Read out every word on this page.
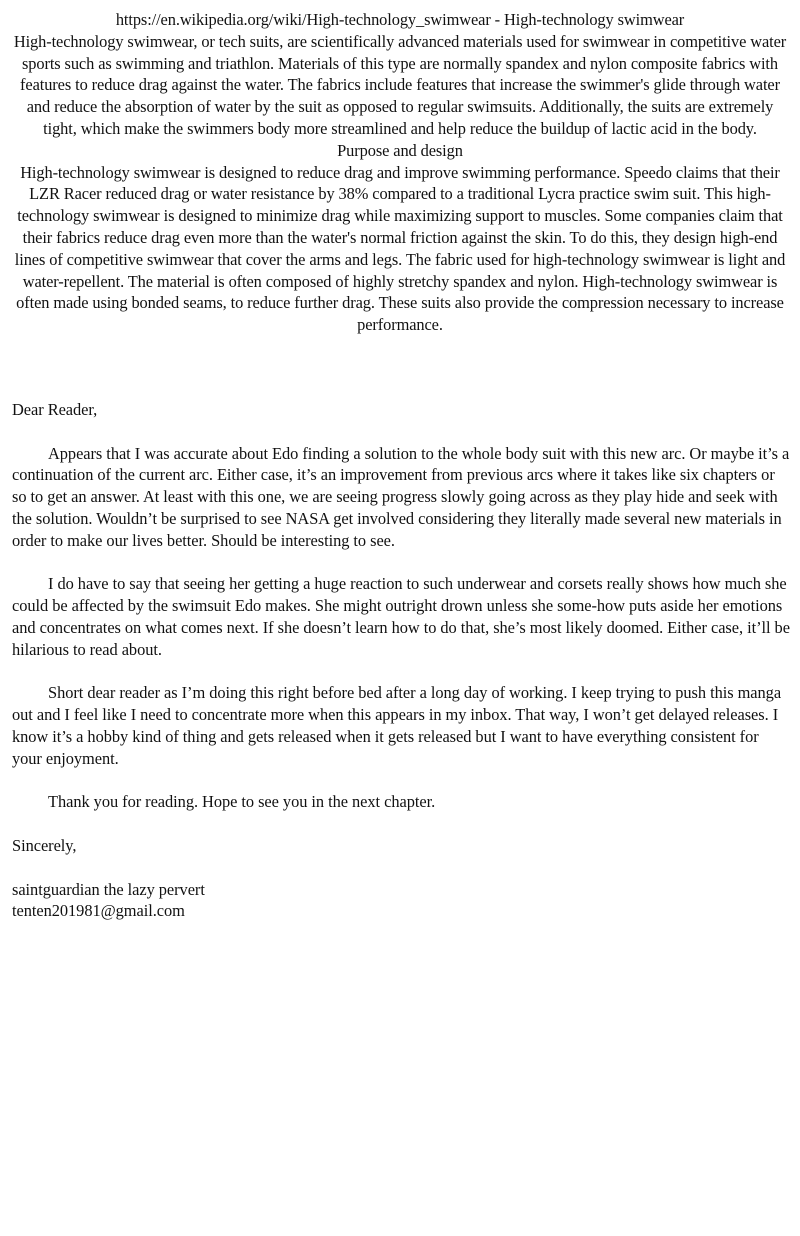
https://en.wikipedia.org/wiki/High-technology_swimwear - High-technology swimwear

High-technology swimwear, or tech suits, are scientifically advanced materials used for swimwear in competitive water sports such as swimming and triathlon. Materials of this type are normally spandex and nylon composite fabrics with features to reduce drag against the water. The fabrics include features that increase the swimmer's glide through water and reduce the absorption of water by the suit as opposed to regular swimsuits. Additionally, the suits are extremely tight, which make the swimmers body more streamlined and help reduce the buildup of lactic acid in the body.

Purpose and design

High-technology swimwear is designed to reduce drag and improve swimming performance. Speedo claims that their LZR Racer reduced drag or water resistance by 38% compared to a traditional Lycra practice swim suit. This high-technology swimwear is designed to minimize drag while maximizing support to muscles. Some companies claim that their fabrics reduce drag even more than the water's normal friction against the skin. To do this, they design high-end lines of competitive swimwear that cover the arms and legs. The fabric used for high-technology swimwear is light and water-repellent. The material is often composed of highly stretchy spandex and nylon. High-technology swimwear is often made using bonded seams, to reduce further drag. These suits also provide the compression necessary to increase performance.

Dear Reader,

Appears that I was accurate about Edo finding a solution to the whole body suit with this new arc. Or maybe it’s a continuation of the current arc. Either case, it’s an improvement from previous arcs where it takes like six chapters or so to get an answer. At least with this one, we are seeing progress slowly going across as they play hide and seek with the solution. Wouldn’t be surprised to see NASA get involved considering they literally made several new materials in order to make our lives better. Should be interesting to see.

I do have to say that seeing her getting a huge reaction to such underwear and corsets really shows how much she could be affected by the swimsuit Edo makes. She might outright drown unless she some-how puts aside her emotions and concentrates on what comes next. If she doesn’t learn how to do that, she’s most likely doomed. Either case, it’ll be hilarious to read about.

Short dear reader as I’m doing this right before bed after a long day of working. I keep trying to push this manga out and I feel like I need to concentrate more when this appears in my inbox. That way, I won’t get delayed releases. I know it’s a hobby kind of thing and gets released when it gets released but I want to have everything consistent for your enjoyment.

Thank you for reading. Hope to see you in the next chapter.

Sincerely,

saintguardian the lazy pervert

tenten201981@gmail.com
